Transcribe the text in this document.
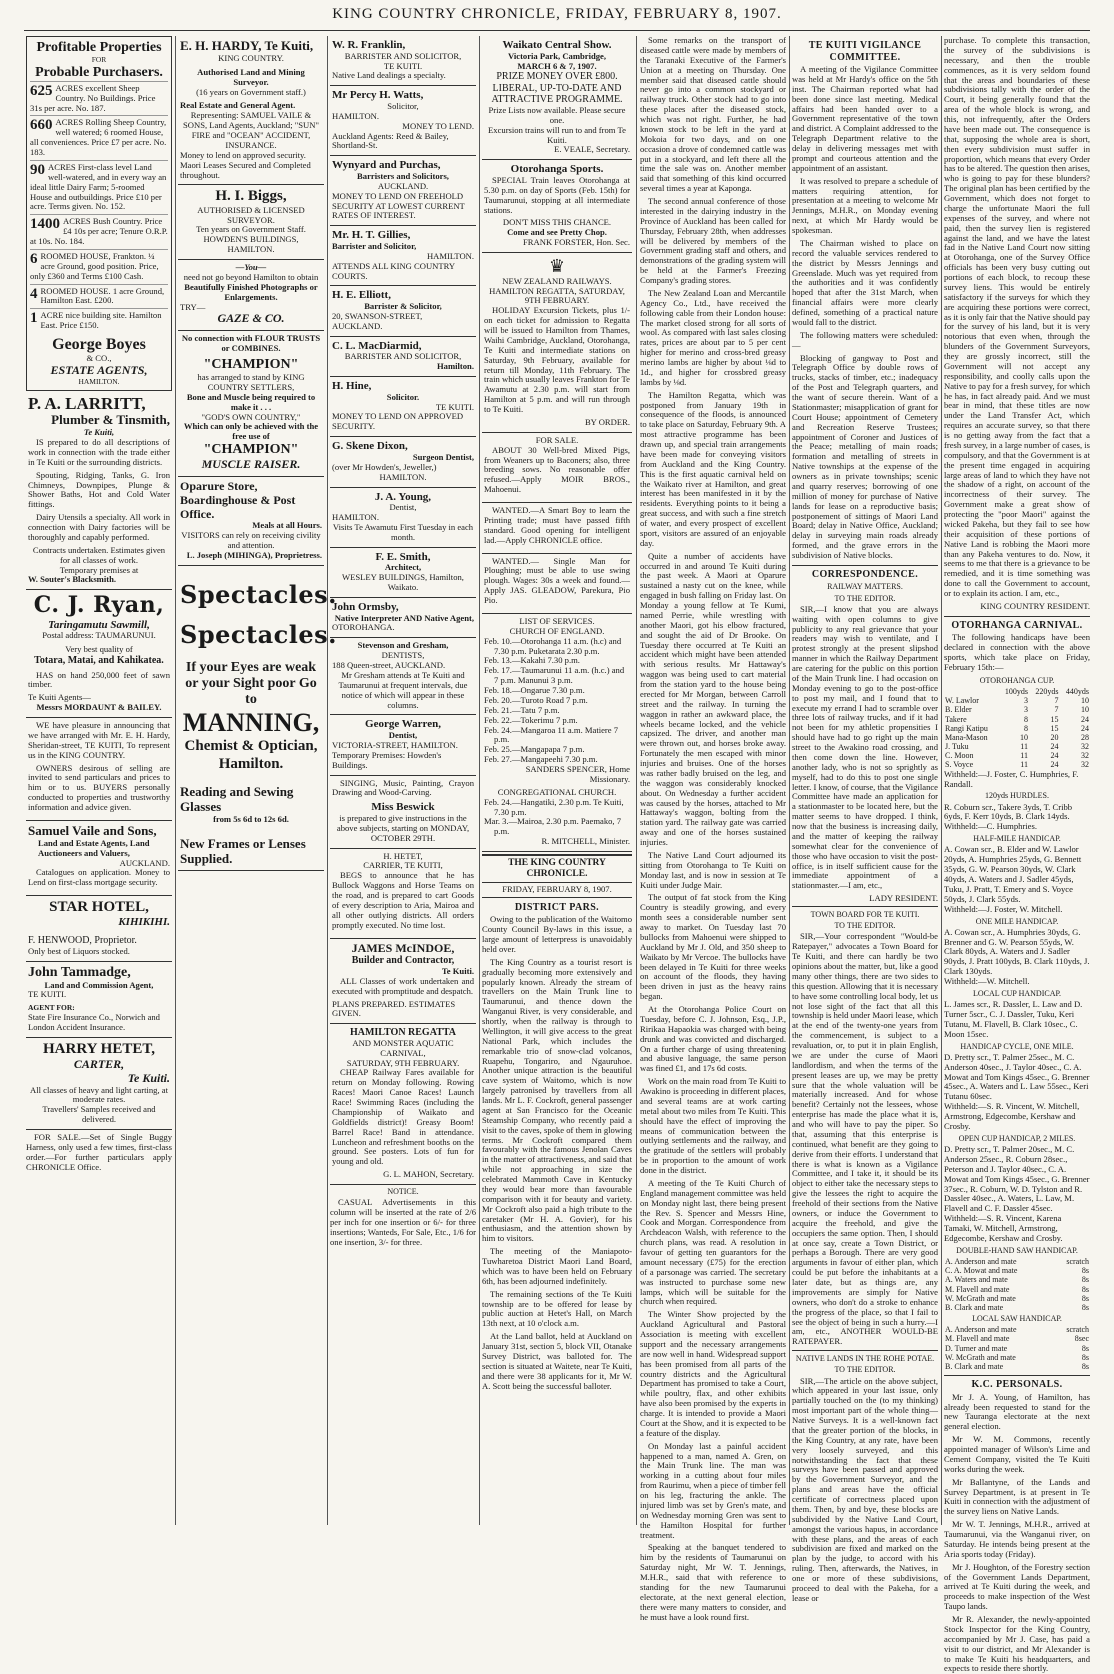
KING COUNTRY CHRONICLE, FRIDAY, FEBRUARY 8, 1907.
Profitable Properties
FOR
Probable Purchasers.
625 ACRES excellent Sheep Country. No Buildings. Price 31s per acre. No. 187.
660 ACRES Rolling Sheep Country, well watered; 6 roomed House, all conveniences. Price £7 per acre. No. 183.
90 ACRES First-class level Land well-watered, and in every way an ideal little Dairy Farm; 5-roomed House and outbuildings. Price £10 per acre. Terms given. No. 152.
1400 ACRES Bush Country. Price £4 10s per acre; Tenure O.R.P. at 10s. No. 184.
6 ROOMED HOUSE, Frankton. ¼ acre Ground, good position. Price, only £360 and Terms £100 Cash.
4 ROOMED HOUSE. 1 acre Ground, Hamilton East. £200.
1 ACRE nice building site. Hamilton East. Price £150.
George Boyes
& CO.,
ESTATE AGENTS,
HAMILTON.
P. A. LARRITT,
Plumber & Tinsmith,
Te Kuiti,

IS prepared to do all descriptions of work in connection with the trade either in Te Kuiti or the surrounding districts.

Spouting, Ridging, Tanks, G. Iron Chimneys, Downpipes, Plunge & Shower Baths, Hot and Cold Water fittings.

Dairy Utensils a specialty. All work in connection with Dairy factories will be thoroughly and capably performed.

Contracts undertaken. Estimates given for all classes of work.
Temporary premises at
W. Souter's Blacksmith.
C. J. Ryan,
Taringamutu Sawmill,
Postal address: TAUMARUNUI.
Very best quality of
Totara, Matai, and Kahikatea.

HAS on hand 250,000 feet of sawn timber.

Te Kuiti Agents—
Messrs MORDAUNT & BAILEY.

WE have pleasure in announcing that we have arranged with Mr. E. H. Hardy, Sheridan-street, TE KUITI, To represent us in the KING COUNTRY.

OWNERS desirous of selling are invited to send particulars and prices to him or to us. BUYERS personally conducted to properties and trustworthy information and advice given.

Samuel Vaile and Sons,
Land and Estate Agents, Land Auctioneers and Valuers,
AUCKLAND.

Catalogues on application. Money to Lend on first-class mortgage security.

STAR HOTEL,
KIHIKIHI.
F. HENWOOD, Proprietor.
Only best of Liquors stocked.
John Tammadge,
Land and Commission Agent,
TE KUITI.
AGENT FOR:
State Fire Insurance Co., Norwich and London Accident Insurance.
HARRY HETET,
CARTER,
Te Kuiti.
All classes of heavy and light carting, at moderate rates.
Travellers' Samples received and delivered.

FOR SALE.—Set of Single Buggy Harness, only used a few times, first-class order.—For further particulars apply CHRONICLE Office.

E. H. HARDY, Te Kuiti,
KING COUNTRY.
Authorised Land and Mining Surveyor.
(16 years on Government staff.)
Real Estate and General Agent.
Representing: SAMUEL VAILE & SONS, Land Agents, Auckland; "SUN" FIRE and "OCEAN" ACCIDENT, INSURANCE.
Money to lend on approved security.
Maori Leases Secured and Completed throughout.
H. I. Biggs,
AUTHORISED & LICENSED SURVEYOR.
Ten years on Government Staff.
HOWDEN'S BUILDINGS, HAMILTON.
—You—
need not go beyond Hamilton to obtain
Beautifully Finished Photographs or Enlargements.
TRY—
GAZE & CO.
No connection with FLOUR TRUSTS or COMBINES.
"CHAMPION"
has arranged to stand by KING COUNTRY SETTLERS,
Bone and Muscle being required to make it . . .
"GOD'S OWN COUNTRY,"
Which can only be achieved with the free use of
"CHAMPION"
MUSCLE RAISER.
Oparure Store, Boardinghouse & Post Office.
Meals at all Hours.
VISITORS can rely on receiving civility and attention.
L. Joseph (MIHINGA), Proprietress.
Spectacles.
Spectacles.
If your Eyes are weak or your Sight poor Go to
MANNING,
Chemist & Optician, Hamilton.
Reading and Sewing Glasses
from 5s 6d to 12s 6d.
New Frames or Lenses Supplied.
W. R. Franklin,
BARRISTER AND SOLICITOR,
TE KUITI.
Native Land dealings a specialty.
Mr Percy H. Watts,
Solicitor,
HAMILTON.
MONEY TO LEND.
Auckland Agents: Reed & Bailey, Shortland-St.
Wynyard and Purchas,
Barristers and Solicitors,
AUCKLAND.
MONEY TO LEND ON FREEHOLD SECURITY AT LOWEST CURRENT RATES OF INTEREST.
Mr. H. T. Gillies,
Barrister and Solicitor,
HAMILTON.
ATTENDS ALL KING COUNTRY COURTS.
H. E. Elliott,
Barrister & Solicitor,
20, SWANSON-STREET, AUCKLAND.
C. L. MacDiarmid,
BARRISTER AND SOLICITOR,
Hamilton.
H. Hine,
Solicitor.
TE KUITI.
MONEY TO LEND ON APPROVED SECURITY.
G. Skene Dixon,
Surgeon Dentist,
(over Mr Howden's, Jeweller,)
HAMILTON.
J. A. Young,
Dentist,
HAMILTON.
Visits Te Awamutu First Tuesday in each month.
F. E. Smith,
Architect,
WESLEY BUILDINGS, Hamilton, Waikato.
John Ormsby,
Native Interpreter AND Native Agent,
OTOROHANGA.
Stevenson and Gresham,
DENTISTS,
188 Queen-street, AUCKLAND.
Mr Gresham attends at Te Kuiti and Taumarunui at frequent intervals, due notice of which will appear in these columns.
George Warren,
Dentist,
VICTORIA-STREET, HAMILTON.
Temporary Premises: Howden's Buildings.

SINGING, Music, Painting, Crayon Drawing and Wood-Carving.

Miss Beswick
is prepared to give instructions in the above subjects, starting on MONDAY, OCTOBER 29TH.
H. HETET,
CARRIER, TE KUITI,

BEGS to announce that he has Bullock Waggons and Horse Teams on the road, and is prepared to cart Goods of every description to Aria, Mairoa and all other outlying districts. All orders promptly executed. No time lost.

JAMES McINDOE,
Builder and Contractor,
Te Kuiti.

ALL Classes of work undertaken and executed with promptitude and despatch.

PLANS PREPARED. ESTIMATES GIVEN.
HAMILTON REGATTA
AND MONSTER AQUATIC CARNIVAL,
SATURDAY, 9TH FEBRUARY.

CHEAP Railway Fares available for return on Monday following. Rowing Races! Maori Canoe Races! Launch Race! Swimming Races (including the Championship of Waikato and Goldfields district)! Greasy Boom! Barrel Race! Band in attendance. Luncheon and refreshment booths on the ground. See posters. Lots of fun for young and old.

G. L. MAHON, Secretary.
NOTICE.

CASUAL Advertisements in this column will be inserted at the rate of 2/6 per inch for one insertion or 6/- for three insertions; Wanteds, For Sale, Etc., 1/6 for one insertion, 3/- for three.

Waikato Central Show.
Victoria Park, Cambridge,
MARCH 6 & 7, 1907.
PRIZE MONEY OVER £800.
LIBERAL, UP-TO-DATE AND ATTRACTIVE PROGRAMME.
Prize Lists now available. Please secure one.
Excursion trains will run to and from Te Kuiti.
E. VEALE, Secretary.
Otorohanga Sports.

SPECIAL Train leaves Otorohanga at 5.30 p.m. on day of Sports (Feb. 15th) for Taumarunui, stopping at all intermediate stations.

DON'T MISS THIS CHANCE.
Come and see Pretty Chop.
FRANK FORSTER, Hon. Sec.
♛
NEW ZEALAND RAILWAYS.
HAMILTON REGATTA, SATURDAY, 9TH FEBRUARY.

HOLIDAY Excursion Tickets, plus 1/- on each ticket for admission to Regatta will be issued to Hamilton from Thames, Waihi Cambridge, Auckland, Otorohanga, Te Kuiti and intermediate stations on Saturday, 9th February, available for return till Monday, 11th February. The train which usually leaves Frankton for Te Awamutu at 2.30 p.m. will start from Hamilton at 5 p.m. and will run through to Te Kuiti.

BY ORDER.
FOR SALE.

ABOUT 30 Well-bred Mixed Pigs, from Weaners up to Baconers; also, three breeding sows. No reasonable offer refused.—Apply MOIR BROS., Mahoenui.

WANTED.—A Smart Boy to learn the Printing trade; must have passed fifth standard. Good opening for intelligent lad.—Apply CHRONICLE office.

WANTED.— Single Man for Ploughing; must be able to use swing plough. Wages: 30s a week and found.—Apply JAS. GLEADOW, Parekura, Pio Pio.

LIST OF SERVICES.
CHURCH OF ENGLAND.
Feb. 10.—Otorohanga 11 a.m. (h.c) and 7.30 p.m. Puketarata 2.30 p.m.
Feb. 13.—Kakahi 7.30 p.m.
Feb. 17.—Taumarunui 11 a.m. (h.c.) and 7 p.m. Manunui 3 p.m.
Feb. 18.—Ongarue 7.30 p.m.
Feb. 20.—Turoto Road 7 p.m.
Feb. 21.—Tatu 7 p.m.
Feb. 22.—Tokerimu 7 p.m.
Feb. 24.—Mangaroa 11 a.m. Matiere 7 p.m.
Feb. 25.—Mangapapa 7 p.m.
Feb. 27.—Mangapeehi 7.30 p.m.
SANDERS SPENCER, Home Missionary.
CONGREGATIONAL CHURCH.
Feb. 24.—Hangatiki, 2.30 p.m. Te Kuiti, 7.30 p.m.
Mar. 3.—Mairoa, 2.30 p.m. Paemako, 7 p.m.
R. MITCHELL, Minister.
THE KING COUNTRY CHRONICLE.
FRIDAY, FEBRUARY 8, 1907.
DISTRICT PARS.

Owing to the publication of the Waitomo County Council By-laws in this issue, a large amount of letterpress is unavoidably held over.

The King Country as a tourist resort is gradually becoming more extensively and popularly known. Already the stream of travellers on the Main Trunk line to Taumarunui, and thence down the Wanganui River, is very considerable, and shortly, when the railway is through to Wellington, it will give access to the great National Park, which includes the remarkable trio of snow-clad volcanos, Ruapehu, Tongariro, and Ngauruhoe. Another unique attraction is the beautiful cave system of Waitomo, which is now largely patronised by travellers from all lands. Mr L. F. Cockroft, general passenger agent at San Francisco for the Oceanic Steamship Company, who recently paid a visit to the caves, spoke of them in glowing terms. Mr Cockroft compared them favourably with the famous Jenolan Caves in the matter of attractiveness, and said that while not approaching in size the celebrated Mammoth Cave in Kentucky they would bear more than favourable comparison with it for beauty and variety. Mr Cockroft also paid a high tribute to the caretaker (Mr H. A. Govier), for his enthusiasm, and the attention shown by him to visitors.

The meeting of the Maniapoto-Tuwharetoa District Maori Land Board, which was to have been held on February 6th, has been adjourned indefinitely.

The remaining sections of the Te Kuiti township are to be offered for lease by public auction at Hetet's Hall, on March 13th next, at 10 o'clock a.m.

At the Land ballot, held at Auckland on January 31st, section 5, block VII, Otanake Survey District, was balloted for. The section is situated at Waitete, near Te Kuiti, and there were 38 applicants for it, Mr W. A. Scott being the successful balloter.

Some remarks on the transport of diseased cattle were made by members of the Taranaki Executive of the Farmer's Union at a meeting on Thursday. One member said that diseased cattle should never go into a common stockyard or railway truck. Other stock had to go into these places after the diseased stock, which was not right. Further, he had known stock to be left in the yard at Mokoia for two days, and on one occasion a drove of condemned cattle was put in a stockyard, and left there all the time the sale was on. Another member said that something of this kind occurred several times a year at Kaponga.

The second annual conference of those interested in the dairying industry in the Province of Auckland has been called for Thursday, February 28th, when addresses will be delivered by members of the Government grading staff and others, and demonstrations of the grading system will be held at the Farmer's Freezing Company's grading stores.

The New Zealand Loan and Mercantile Agency Co., Ltd., have received the following cable from their London house: The market closed strong for all sorts of wool. As compared with last sales closing rates, prices are about par to 5 per cent higher for merino and cross-bred greasy merino lambs are higher by about ⅛d to 1d., and higher for crossbred greasy lambs by ⅛d.

The Hamilton Regatta, which was postponed from January 19th in consequence of the floods, is announced to take place on Saturday, February 9th. A most attractive programme has been drawn up, and special train arrangements have been made for conveying visitors from Auckland and the King Country. This is the first aquatic carnival held on the Waikato river at Hamilton, and great interest has been manifested in it by the residents. Everything points to it being a great success, and with such a fine stretch of water, and every prospect of excellent sport, visitors are assured of an enjoyable day.

Quite a number of accidents have occurred in and around Te Kuiti during the past week. A Maori at Oparure sustained a nasty cut on the knee, while engaged in bush falling on Friday last. On Monday a young fellow at Te Kumi, named Perrie, while wrestling with another Maori, got his elbow fractured, and sought the aid of Dr Brooke. On Tuesday there occurred at Te Kuiti an accident which might have been attended with serious results. Mr Hattaway's waggon was being used to cart material from the station yard to the house being erected for Mr Morgan, between Carroll street and the railway. In turning the waggon in rather an awkward place, the wheels became locked, and the vehicle capsized. The driver, and another man were thrown out, and horses broke away. Fortunately the men escaped with minor injuries and bruises. One of the horses was rather badly bruised on the leg, and the waggon was considerably knocked about. On Wednesday a further accident was caused by the horses, attached to Mr Hattaway's waggon, bolting from the station yard. The railway gate was carried away and one of the horses sustained injuries.

The Native Land Court adjourned its sitting from Otorohanga to Te Kuiti on Monday last, and is now in session at Te Kuiti under Judge Mair.

The output of fat stock from the King Country is steadily growing, and every month sees a considerable number sent away to market. On Tuesday last 70 bullocks from Mahoenui were shipped to Auckland by Mr J. Old, and 350 sheep to Waikato by Mr Vercoe. The bullocks have been delayed in Te Kuiti for three weeks on account of the floods, they having been driven in just as the heavy rains began.

At the Otorohanga Police Court on Tuesday, before C. J. Johnson, Esq., J.P., Ririkaa Hapaokia was charged with being drunk and was convicted and discharged. On a further charge of using threatening and abusive language, the same person was fined £1, and 17s 6d costs.

Work on the main road from Te Kuiti to Awakino is proceeding in different places, and several teams are at work carting metal about two miles from Te Kuiti. This should have the effect of improving the means of communication between the outlying settlements and the railway, and the gratitude of the settlers will probably be in proportion to the amount of work done in the district.

A meeting of the Te Kuiti Church of England management committee was held on Monday night last, there being present the Rev. S. Spencer and Messrs Hine, Cook and Morgan. Correspondence from Archdeacon Walsh, with reference to the church plans, was read. A resolution in favour of getting ten guarantors for the amount necessary (£75) for the erection of a parsonage was carried. The secretary was instructed to purchase some new lamps, which will be suitable for the church when required.

The Winter Show projected by the Auckland Agricultural and Pastoral Association is meeting with excellent support and the necessary arrangements are now well in hand. Widespread support has been promised from all parts of the country districts and the Agricultural Department has promised to take a Court, while poultry, flax, and other exhibits have also been promised by the experts in charge. It is intended to provide a Maori Court at the Show, and it is expected to be a feature of the display.

On Monday last a painful accident happened to a man, named A. Gren, on the Main Trunk line. The man was working in a cutting about four miles from Raurimu, when a piece of timber fell on his leg, fracturing the ankle. The injured limb was set by Gren's mate, and on Wednesday morning Gren was sent to the Hamilton Hospital for further treatment.

Speaking at the banquet tendered to him by the residents of Taumarunui on Saturday night, Mr W. T. Jennings, M.H.R., said that with reference to standing for the new Taumarunui electorate, at the next general election, there were many matters to consider, and he must have a look round first.

TE KUITI VIGILANCE COMMITTEE.

A meeting of the Vigilance Committee was held at Mr Hardy's office on the 5th inst. The Chairman reported what had been done since last meeting. Medical affairs had been handed over to a Government representative of the town and district. A Complaint addressed to the Telegraph Department relative to the delay in delivering messages met with prompt and courteous attention and the appointment of an assistant.

It was resolved to prepare a schedule of matters requiring attention, for presentation at a meeting to welcome Mr Jennings, M.H.R., on Monday evening next, at which Mr Hardy would be spokesman.

The Chairman wished to place on record the valuable services rendered to the district by Messrs Jennings and Greenslade. Much was yet required from the authorities and it was confidently hoped that after the 31st March, when financial affairs were more clearly defined, something of a practical nature would fall to the district.

The following matters were scheduled:—

Blocking of gangway to Post and Telegraph Office by double rows of trucks, stacks of timber, etc.; inadequacy of the Post and Telegraph quarters, and the want of secure therein. Want of a Stationmaster; misapplication of grant for Court House; appointment of Cemetery and Recreation Reserve Trustees; appointment of Coroner and Justices of the Peace; metalling of main roads; formation and metalling of streets in Native townships at the expense of the owners as in private townships; scenic and quarry reserves; borrowing of one million of money for purchase of Native lands for lease on a reproductive basis; postponement of sittings of Maori Land Board; delay in Native Office, Auckland; delay in surveying main roads already formed, and the grave errors in the subdivision of Native blocks.

CORRESPONDENCE.
RAILWAY MATTERS.
TO THE EDITOR.

SIR,—I know that you are always waiting with open columns to give publicity to any real grievance that your readers may wish to ventilate, and I protest strongly at the present slipshod manner in which the Railway Department are catering for the public on this portion of the Main Trunk line. I had occasion on Monday evening to go to the post-office to post my mail, and I found that to execute my errand I had to scramble over three lots of railway trucks, and if it had not been for my athletic propensities I should have had to go right up the main street to the Awakino road crossing, and then come down the line. However, another lady, who is not so sprightly as myself, had to do this to post one single letter. I know, of course, that the Vigilance Committee have made an application for a stationmaster to be located here, but the matter seems to have dropped. I think, now that the business is increasing daily, and the matter of keeping the railway somewhat clear for the convenience of those who have occasion to visit the post-office, is in itself sufficient cause for the immediate appointment of a stationmaster.—I am, etc.,

LADY RESIDENT.
TOWN BOARD FOR TE KUITI.
TO THE EDITOR.

SIR,—Your correspondent "Would-be Ratepayer," advocates a Town Board for Te Kuiti, and there can hardly be two opinions about the matter, but, like a good many other things, there are two sides to this question. Allowing that it is necessary to have some controlling local body, let us not lose sight of the fact that all this township is held under Maori lease, which at the end of the twenty-one years from the commencement, is subject to a revaluation, or, to put it in plain English, we are under the curse of Maori landlordism, and when the terms of the present leases are up, we may be pretty sure that the whole valuation will be materially increased. And for whose benefit? Certainly not the lessees, whose enterprise has made the place what it is, and who will have to pay the piper. So that, assuming that this enterprise is continued, what benefit are they going to derive from their efforts. I understand that there is what is known as a Vigilance Committee, and I take it, it should be its object to either take the necessary steps to give the lessees the right to acquire the freehold of their sections from the Native owners, or induce the Government to acquire the freehold, and give the occupiers the same option. Then, I should at once say, create a Town District, or perhaps a Borough. There are very good arguments in favour of either plan, which could be put before the inhabitants at a later date, but as things are, any improvements are simply for Native owners, who don't do a stroke to enhance the progress of the place, so that I fail to see the object of being in such a hurry.—I am, etc., ANOTHER WOULD-BE RATEPAYER.

NATIVE LANDS IN THE ROHE POTAE.
TO THE EDITOR.

SIR,—The article on the above subject, which appeared in your last issue, only partially touched on the (to my thinking) most important part of the whole thing—Native Surveys. It is a well-known fact that the greater portion of the blocks, in the King Country, at any rate, have been very loosely surveyed, and this notwithstanding the fact that these surveys have been passed and approved by the Government Surveyor, and the plans and areas have the official certificate of correctness placed upon them. Then, by and bye, these blocks are subdivided by the Native Land Court, amongst the various hapus, in accordance with these plans, and the areas of each subdivision are fixed and marked on the plan by the judge, to accord with his ruling. Then, afterwards, the Natives, in one or more of these subdivisions, proceed to deal with the Pakeha, for a lease or

purchase. To complete this transaction, the survey of the subdivisions is necessary, and then the trouble commences, as it is very seldom found that the areas and boundaries of these subdivisions tally with the order of the Court, it being generally found that the area of the whole block is wrong, and this, not infrequently, after the Orders have been made out. The consequence is that, supposing the whole area is short, then every subdivision must suffer in proportion, which means that every Order has to be altered. The question then arises, who is going to pay for these blunders? The original plan has been certified by the Government, which does not forget to charge the unfortunate Maori the full expenses of the survey, and where not paid, then the survey lien is registered against the land, and we have the latest fad in the Native Land Court now sitting at Otorohanga, one of the Survey Office officials has been very busy cutting out portions of each block, to recoup these survey liens. This would be entirely satisfactory if the surveys for which they are acquiring these portions were correct, as it is only fair that the Native should pay for the survey of his land, but it is very notorious that even when, through the blunders of the Government Surveyors, they are grossly incorrect, still the Government will not accept any responsibility, and coolly calls upon the Native to pay for a fresh survey, for which he has, in fact already paid. And we must bear in mind, that these titles are now under the Land Transfer Act, which requires an accurate survey, so that there is no getting away from the fact that a fresh survey, in a large number of cases, is compulsory, and that the Government is at the present time engaged in acquiring large areas of land to which they have not the shadow of a right, on account of the incorrectness of their survey. The Government make a great show of protecting the "poor Maori" against the wicked Pakeha, but they fail to see how their acquisition of these portions of Native Land is robbing the Maori more than any Pakeha ventures to do. Now, it seems to me that there is a grievance to be remedied, and it is time something was done to call the Government to account, or to explain its action. I am, etc.,

KING COUNTRY RESIDENT.
OTORHANGA CARNIVAL.

The following handicaps have been declared in connection with the above sports, which take place on Friday, February 15th:—

OTOROHANGA CUP.
	100yds	220yds	440yds
W. Lawlor	3	7	10
B. Elder	3	7	10
Takere	8	15	24
Rangi Katipu	8	15	24
Mana-Mason	10	20	28
J. Tuku	11	24	32
C. Moon	11	24	32
S. Voyce	11	24	32
Withheld:—J. Foster, C. Humphries, F. Randall.
120yds HURDLES.
R. Coburn scr., Takere 3yds, T. Cribb 6yds, F. Kerr 10yds, B. Clark 14yds.
Withheld:—C. Humphries.
HALF-MILE HANDICAP.
A. Cowan scr., B. Elder and W. Lawlor 20yds, A. Humphries 25yds, G. Bennett 35yds, G. W. Pearson 30yds, W. Clark 40yds, A. Waters and J. Sadler 45yds, Tuku, J. Pratt, T. Emery and S. Voyce 50yds, J. Clark 55yds.
Withheld:—J. Foster, W. Mitchell.
ONE MILE HANDICAP.
A. Cowan scr., A. Humphries 30yds, G. Brenner and G. W. Pearson 55yds, W. Clark 80yds, A. Waters and J. Sadler 90yds, J. Pratt 100yds, B. Clark 110yds, J. Clark 130yds.
Withheld:—W. Mitchell.
LOCAL CUP HANDICAP.
L. James scr., R. Dassler, L. Law and D. Turner 5scr., C. J. Dassler, Tuku, Keri Tutanu, M. Flavell, B. Clark 10sec., C. Moon 15sec.
HANDICAP CYCLE, ONE MILE.
D. Pretty scr., T. Palmer 25sec., M. C. Anderson 40sec., J. Taylor 40sec., C. A. Mowat and Tom Kings 45sec., G. Brenner 45sec., A. Waters and L. Law 55sec., Keri Tutanu 60sec.
Withheld:—S. R. Vincent, W. Mitchell, Armstrong, Edgecombe, Kershaw and Crosby.
OPEN CUP HANDICAP, 2 MILES.
D. Pretty scr., T. Palmer 20sec., M. C. Anderson 25sec., R. Coburn 28sec., Peterson and J. Taylor 40sec., C. A. Mowat and Tom Kings 45sec., G. Brenner 37sec., R. Coburn, W. D. Tylston and R. Dassler 40sec., A. Waters, L. Law, M. Flavell and C. F. Dassler 45sec.
Withheld:—S. R. Vincent, Karena Tamaki, W. Mitchell, Armstrong, Edgecombe, Kershaw and Crosby.
DOUBLE-HAND SAW HANDICAP.
A. Anderson and mate	scratch
C. A. Mowat and mate	8s
A. Waters and mate	8s
M. Flavell and mate	8s
W. McGrath and mate	8s
B. Clark and mate	8s
LOCAL SAW HANDICAP.
A. Anderson and mate	scratch
M. Flavell and mate	8sec
D. Turner and mate	8s
W. McGrath and mate	8s
B. Clark and mate	8s
K.C. PERSONALS.

Mr J. A. Young, of Hamilton, has already been requested to stand for the new Tauranga electorate at the next general election.

Mr W. M. Commons, recently appointed manager of Wilson's Lime and Cement Company, visited the Te Kuiti works during the week.

Mr Ballantyne, of the Lands and Survey Department, is at present in Te Kuiti in connection with the adjustment of the survey liens on Native Lands.

Mr W. T. Jennings, M.H.R., arrived at Taumarunui, via the Wanganui river, on Saturday. He intends being present at the Aria sports today (Friday).

Mr J. Houghton, of the Forestry section of the Government Lands Department, arrived at Te Kuiti during the week, and proceeds to make inspection of the West Taupo lands.

Mr R. Alexander, the newly-appointed Stock Inspector for the King Country, accompanied by Mr J. Case, has paid a visit to our district, and Mr Alexander is to make Te Kuiti his headquarters, and expects to reside there shortly.
